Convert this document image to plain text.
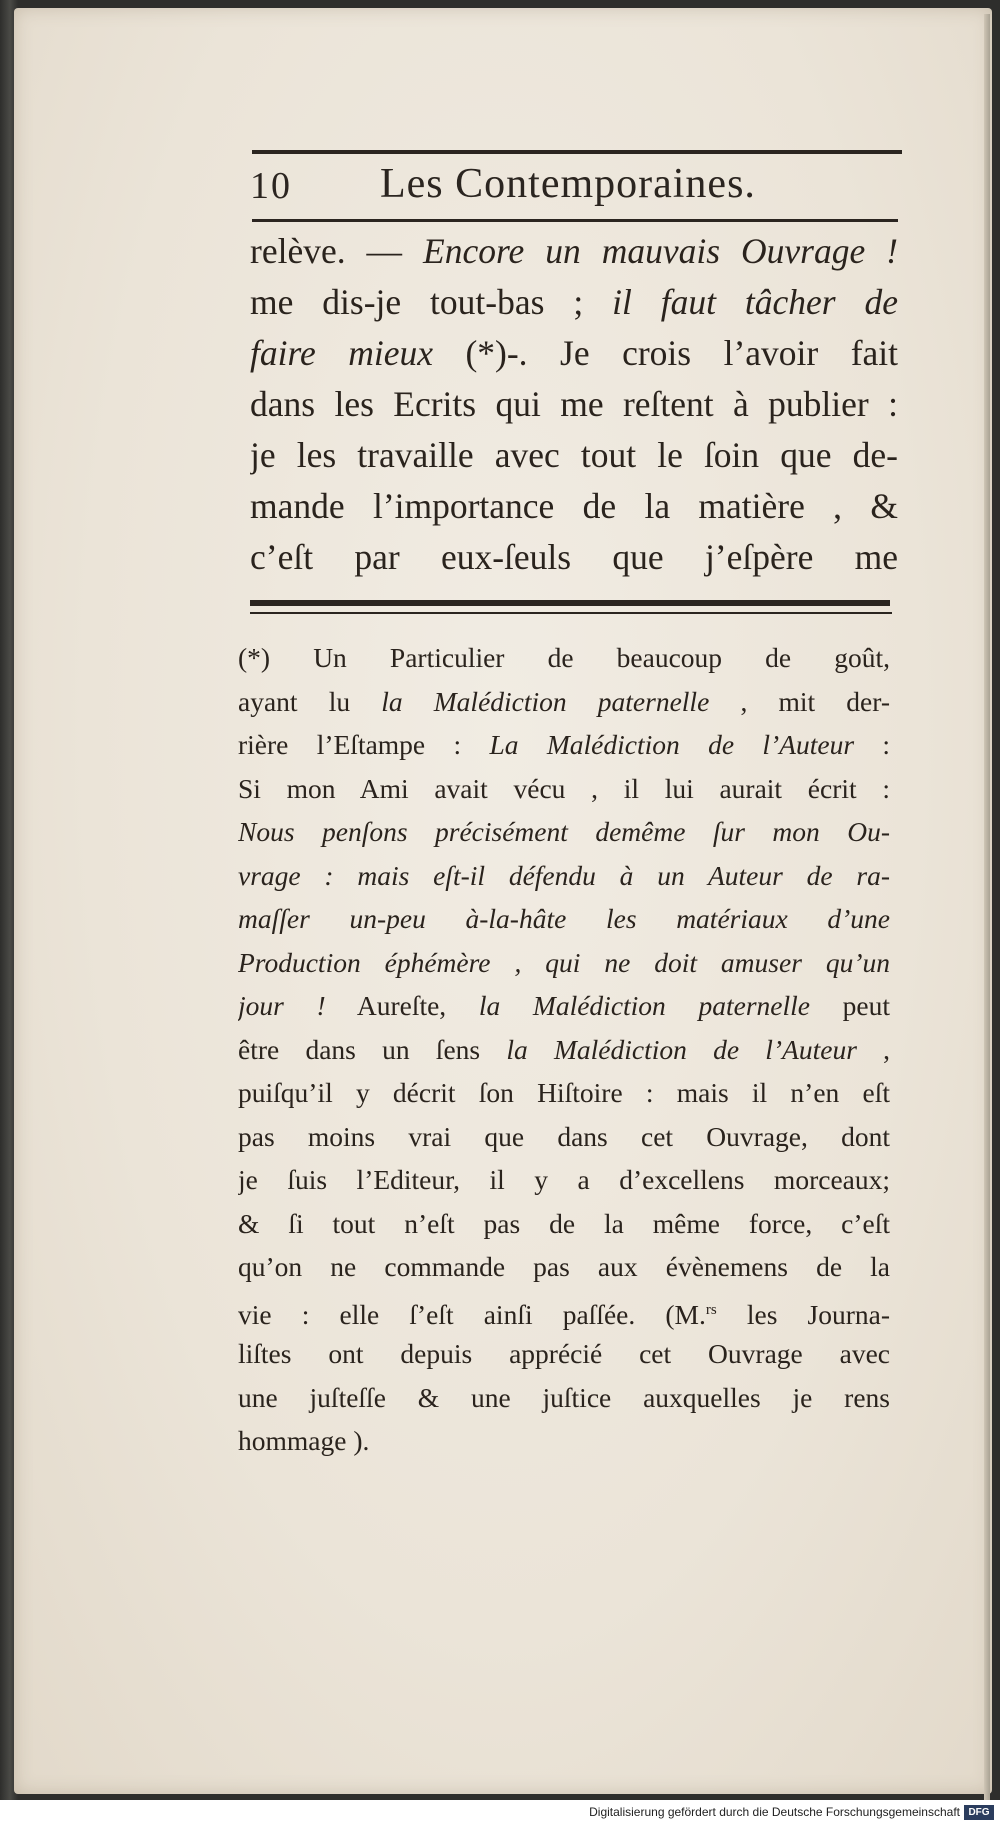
10 Les Contemporaines.
relève. — Encore un mauvais Ouvrage !
me dis-je tout-bas ; il faut tâcher de
faire mieux (*)-. Je crois l’avoir fait
dans les Ecrits qui me reſtent à publier :
je les travaille avec tout le ſoin que de-
mande l’importance de la matière , &
c’eſt par eux-ſeuls que j’eſpère me
(*) Un Particulier de beaucoup de goût,
ayant lu la Malédiction paternelle , mit der-
rière l’Eſtampe : La Malédiction de l’Auteur :
Si mon Ami avait vécu , il lui aurait écrit :
Nous penſons précisément demême ſur mon Ou-
vrage : mais eſt-il défendu à un Auteur de ra-
maſſer un-peu à-la-hâte les matériaux d’une
Production éphémère , qui ne doit amuser qu’un
jour ! Aureſte, la Malédiction paternelle peut
être dans un ſens la Malédiction de l’Auteur ,
puiſqu’il y décrit ſon Hiſtoire : mais il n’en eſt
pas moins vrai que dans cet Ouvrage, dont
je ſuis l’Editeur, il y a d’excellens morceaux;
& ſi tout n’eſt pas de la même force, c’eſt
qu’on ne commande pas aux évènemens de la
vie : elle ſ’eſt ainſi paſſée. (M.$^{rs}$ les Journa-
liſtes ont depuis apprécié cet Ouvrage avec
une juſteſſe & une juſtice auxquelles je rens
hommage ).
Digitalisierung gefördert durch die Deutsche Forschungsgemeinschaft DFG
